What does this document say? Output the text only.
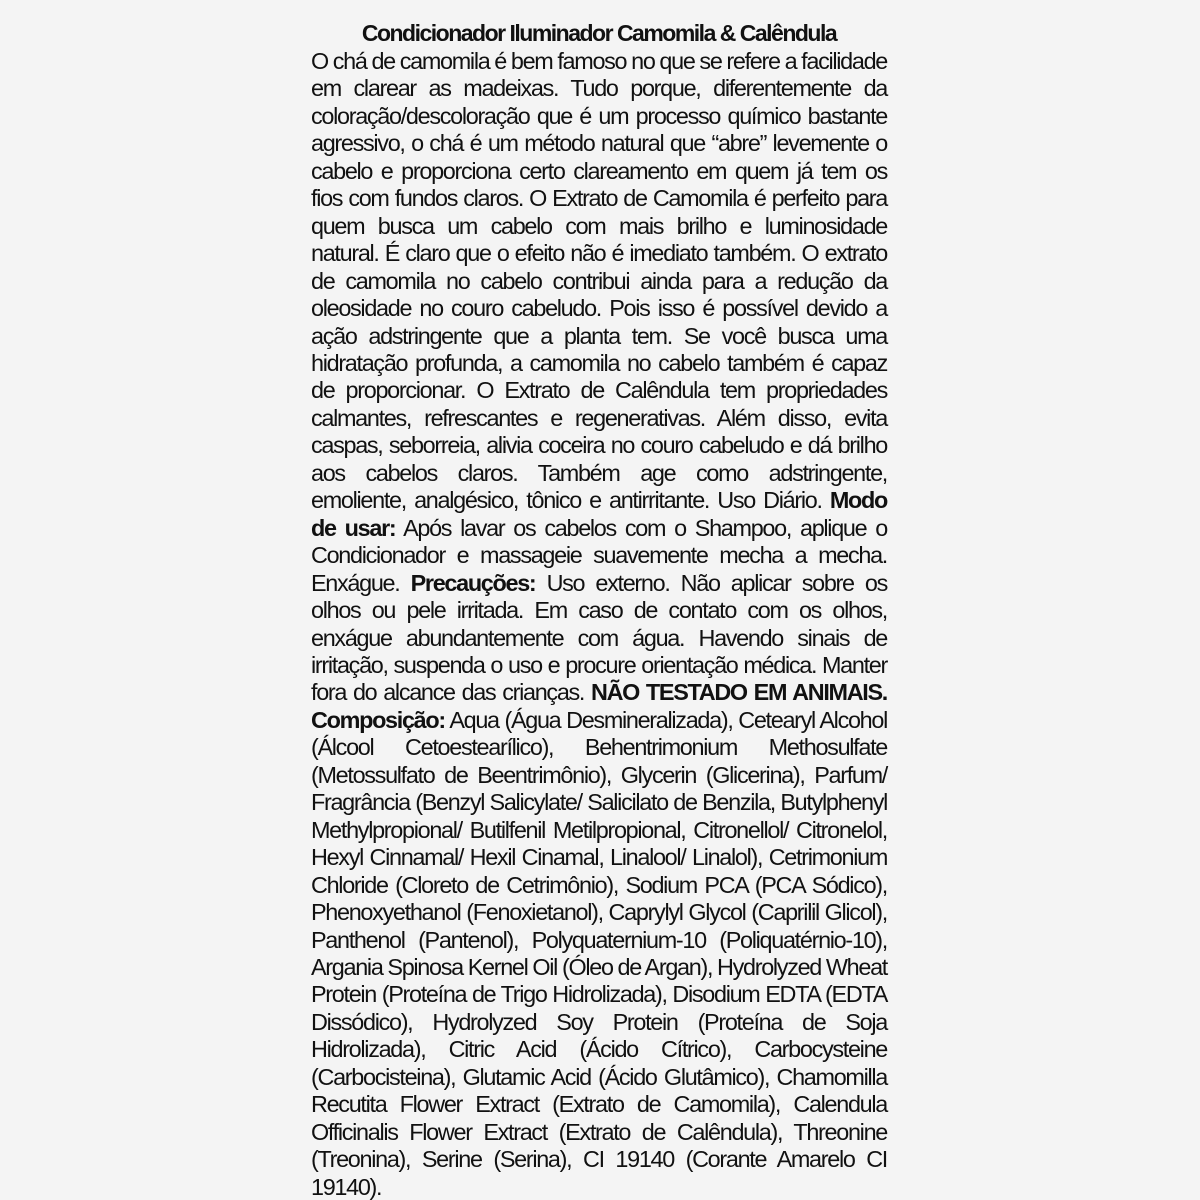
Condicionador Iluminador Camomila & Calêndula

O chá de camomila é bem famoso no que se refere a facilidade em clarear as madeixas. Tudo porque, diferentemente da coloração/descoloração que é um processo químico bastante agressivo, o chá é um método natural que “abre” levemente o cabelo e proporciona certo clareamento em quem já tem os fios com fundos claros. O Extrato de Camomila é perfeito para quem busca um cabelo com mais brilho e luminosidade natural. É claro que o efeito não é imediato também. O extrato de camomila no cabelo contribui ainda para a redução da oleosidade no couro cabeludo. Pois isso é possível devido a ação adstringente que a planta tem. Se você busca uma hidratação profunda, a camomila no cabelo também é capaz de proporcionar. O Extrato de Calêndula tem propriedades calmantes, refrescantes e regenerativas. Além disso, evita caspas, seborreia, alivia coceira no couro cabeludo e dá brilho aos cabelos claros. Também age como adstringente, emoliente, analgésico, tônico e antirritante. Uso Diário. Modo de usar: Após lavar os cabelos com o Shampoo, aplique o Condicionador e massageie suavemente mecha a mecha. Enxágue. Precauções: Uso externo. Não aplicar sobre os olhos ou pele irritada. Em caso de contato com os olhos, enxágue abundantemente com água. Havendo sinais de irritação, suspenda o uso e procure orientação médica. Manter fora do alcance das crianças. NÃO TESTADO EM ANIMAIS. Composição: Aqua (Água Desmineralizada), Cetearyl Alcohol (Álcool Cetoestearílico), Behentrimonium Methosulfate (Metossulfato de Beentrimônio), Glycerin (Glicerina), Parfum/ Fragrância (Benzyl Salicylate/ Salicilato de Benzila, Butylphenyl Methylpropional/ Butilfenil Metilpropional, Citronellol/ Citronelol, Hexyl Cinnamal/ Hexil Cinamal, Linalool/ Linalol), Cetrimonium Chloride (Cloreto de Cetrimônio), Sodium PCA (PCA Sódico), Phenoxyethanol (Fenoxietanol), Caprylyl Glycol (Caprilil Glicol), Panthenol (Pantenol), Polyquaternium-10 (Poliquatérnio-10), Argania Spinosa Kernel Oil (Óleo de Argan), Hydrolyzed Wheat Protein (Proteína de Trigo Hidrolizada), Disodium EDTA (EDTA Dissódico), Hydrolyzed Soy Protein (Proteína de Soja Hidrolizada), Citric Acid (Ácido Cítrico), Carbocysteine (Carbocisteina), Glutamic Acid (Ácido Glutâmico), Chamomilla Recutita Flower Extract (Extrato de Camomila), Calendula Officinalis Flower Extract (Extrato de Calêndula), Threonine (Treonina), Serine (Serina), CI 19140 (Corante Amarelo CI 19140).
